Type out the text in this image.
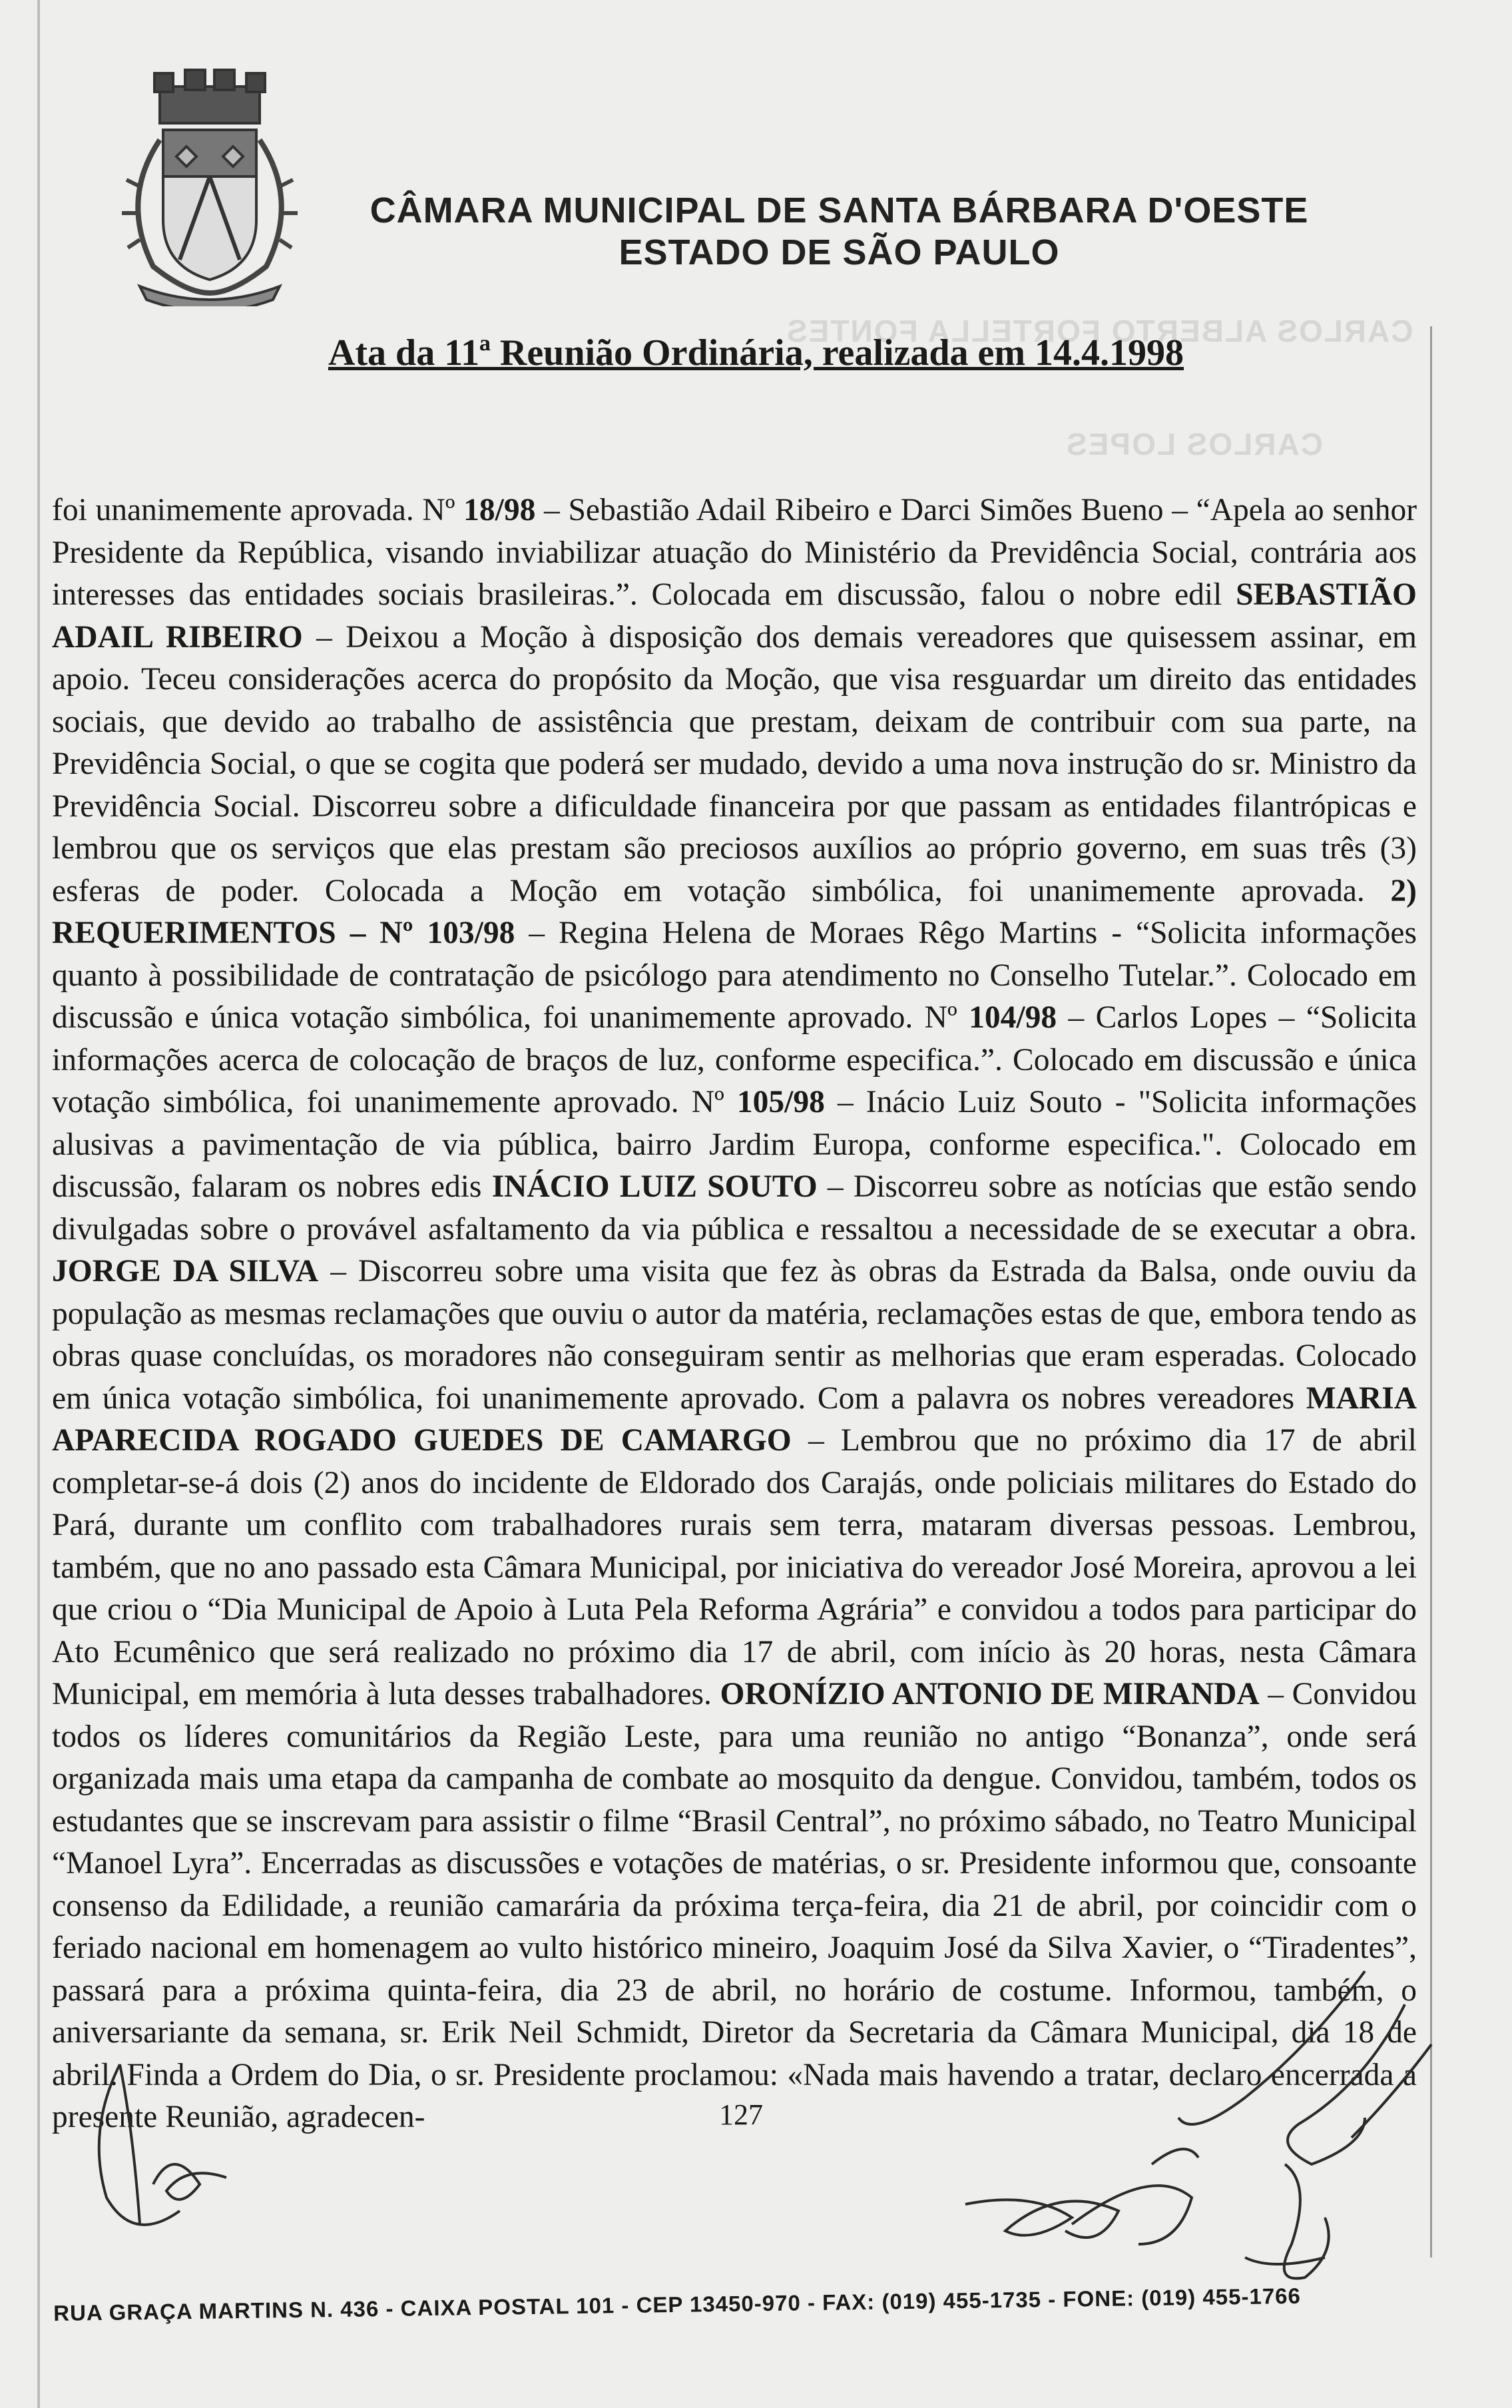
CARLOS ALBERTO FORTELLA FONTES
CARLOS LOPES
CÂMARA MUNICIPAL DE SANTA BÁRBARA D'OESTE
ESTADO DE SÃO PAULO
Ata da 11ª Reunião Ordinária, realizada em 14.4.1998

foi unanimemente aprovada. Nº 18/98 – Sebastião Adail Ribeiro e Darci Simões Bueno – “Apela ao senhor Presidente da República, visando inviabilizar atuação do Ministério da Previdência Social, contrária aos interesses das entidades sociais brasileiras.”. Colocada em discussão, falou o nobre edil SEBASTIÃO ADAIL RIBEIRO – Deixou a Moção à disposição dos demais vereadores que quisessem assinar, em apoio. Teceu considerações acerca do propósito da Moção, que visa resguardar um direito das entidades sociais, que devido ao trabalho de assistência que prestam, deixam de contribuir com sua parte, na Previdência Social, o que se cogita que poderá ser mudado, devido a uma nova instrução do sr. Ministro da Previdência Social. Discorreu sobre a dificuldade financeira por que passam as entidades filantrópicas e lembrou que os serviços que elas prestam são preciosos auxílios ao próprio governo, em suas três (3) esferas de poder. Colocada a Moção em votação simbólica, foi unanimemente aprovada. 2) REQUERIMENTOS – Nº 103/98 – Regina Helena de Moraes Rêgo Martins - “Solicita informações quanto à possibilidade de contratação de psicólogo para atendimento no Conselho Tutelar.”. Colocado em discussão e única votação simbólica, foi unanimemente aprovado. Nº 104/98 – Carlos Lopes – “Solicita informações acerca de colocação de braços de luz, conforme especifica.”. Colocado em discussão e única votação simbólica, foi unanimemente aprovado. Nº 105/98 – Inácio Luiz Souto - "Solicita informações alusivas a pavimentação de via pública, bairro Jardim Europa, conforme especifica.". Colocado em discussão, falaram os nobres edis INÁCIO LUIZ SOUTO – Discorreu sobre as notícias que estão sendo divulgadas sobre o provável asfaltamento da via pública e ressaltou a necessidade de se executar a obra. JORGE DA SILVA – Discorreu sobre uma visita que fez às obras da Estrada da Balsa, onde ouviu da população as mesmas reclamações que ouviu o autor da matéria, reclamações estas de que, embora tendo as obras quase concluídas, os moradores não conseguiram sentir as melhorias que eram esperadas. Colocado em única votação simbólica, foi unanimemente aprovado. Com a palavra os nobres vereadores MARIA APARECIDA ROGADO GUEDES DE CAMARGO – Lembrou que no próximo dia 17 de abril completar-se-á dois (2) anos do incidente de Eldorado dos Carajás, onde policiais militares do Estado do Pará, durante um conflito com trabalhadores rurais sem terra, mataram diversas pessoas. Lembrou, também, que no ano passado esta Câmara Municipal, por iniciativa do vereador José Moreira, aprovou a lei que criou o “Dia Municipal de Apoio à Luta Pela Reforma Agrária” e convidou a todos para participar do Ato Ecumênico que será realizado no próximo dia 17 de abril, com início às 20 horas, nesta Câmara Municipal, em memória à luta desses trabalhadores. ORONÍZIO ANTONIO DE MIRANDA – Convidou todos os líderes comunitários da Região Leste, para uma reunião no antigo “Bonanza”, onde será organizada mais uma etapa da campanha de combate ao mosquito da dengue. Convidou, também, todos os estudantes que se inscrevam para assistir o filme “Brasil Central”, no próximo sábado, no Teatro Municipal “Manoel Lyra”. Encerradas as discussões e votações de matérias, o sr. Presidente informou que, consoante consenso da Edilidade, a reunião camarária da próxima terça-feira, dia 21 de abril, por coincidir com o feriado nacional em homenagem ao vulto histórico mineiro, Joaquim José da Silva Xavier, o “Tiradentes”, passará para a próxima quinta-feira, dia 23 de abril, no horário de costume. Informou, também, o aniversariante da semana, sr. Erik Neil Schmidt, Diretor da Secretaria da Câmara Municipal, dia 18 de abril. Finda a Ordem do Dia, o sr. Presidente proclamou: «Nada mais havendo a tratar, declaro encerrada a presente Reunião, agradecen-	127
RUA GRAÇA MARTINS N. 436 - CAIXA POSTAL 101 - CEP 13450-970 - FAX: (019) 455-1735 - FONE: (019) 455-1766
